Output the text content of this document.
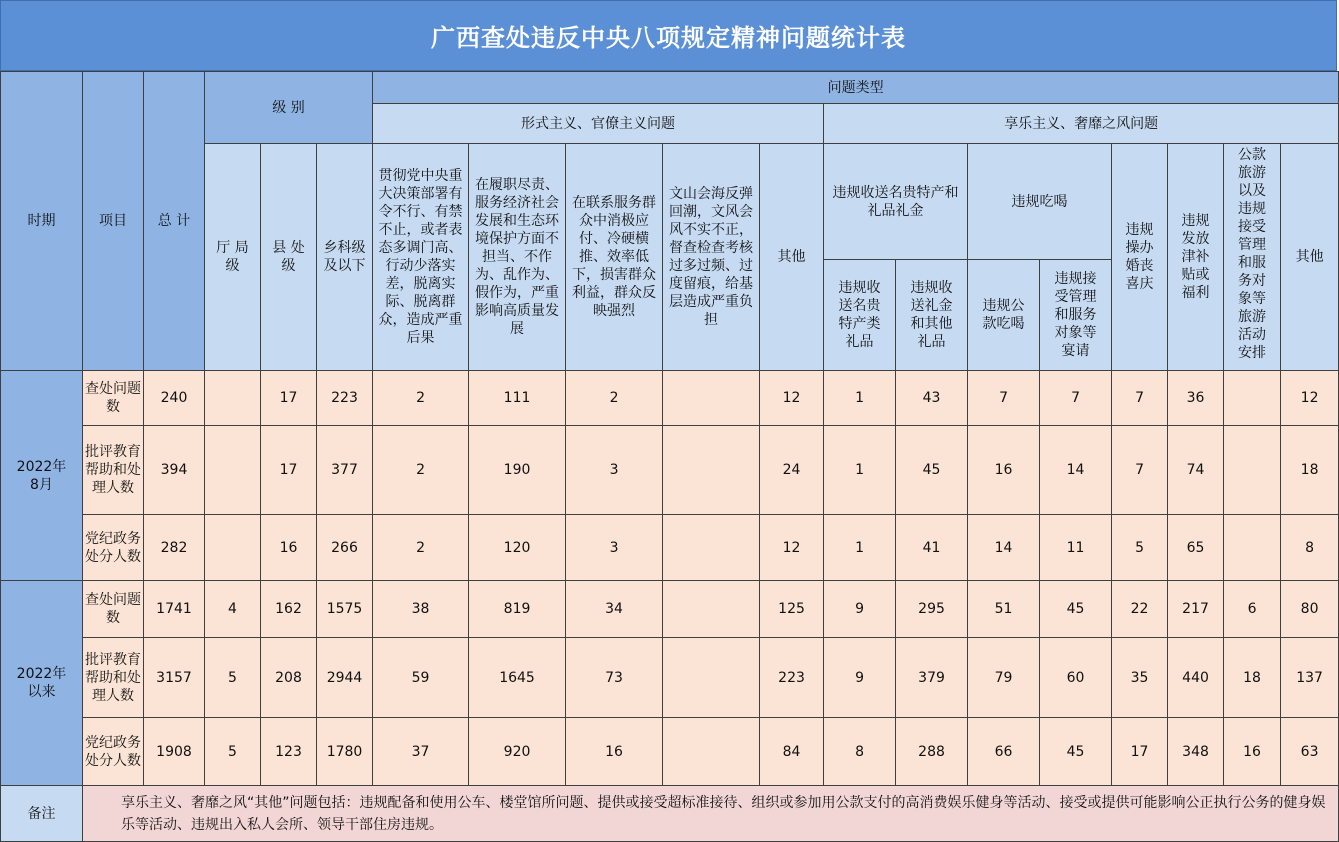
广西查处违反中央八项规定精神问题统计表
时期	项目	总 计	级 别			问题类型												
						形式主义、官僚主义问题					享乐主义、奢靡之风问题							

			厅 局 级	县 处 级	乡科级及以下	贯彻党中央重大决策部署有令不行、有禁不止，或者表态多调门高、行动少落实差，脱离实际、脱离群众，造成严重后果	在履职尽责、服务经济社会发展和生态环境保护方面不担当、不作为、乱作为、假作为，严重影响高质量发展	在联系服务群众中消极应付、冷硬横推、效率低下，损害群众利益，群众反映强烈	文山会海反弹回潮，文风会风不实不正，督查检查考核过多过频、过度留痕，给基层造成严重负担	其他	违规收送名贵特产和礼品礼金		违规吃喝		违规操办婚丧喜庆	违规发放津补贴或福利	公款旅游以及违规接受管理和服务对象等旅游活动安排	其他

											违规收送名贵特产类礼品	违规收送礼金和其他礼品	违规公款吃喝	违规接受管理和服务对象等宴请				

2022年8月	查处问题数	240		17	223	2	111	2		12	1	43	7	7	7	36		12

	批评教育帮助和处理人数	394		17	377	2	190	3		24	1	45	16	14	7	74		18

	党纪政务处分人数	282		16	266	2	120	3		12	1	41	14	11	5	65		8

2022年以来	查处问题数	1741	4	162	1575	38	819	34		125	9	295	51	45	22	217	6	80

	批评教育帮助和处理人数	3157	5	208	2944	59	1645	73		223	9	379	79	60	35	440	18	137

	党纪政务处分人数	1908	5	123	1780	37	920	16		84	8	288	66	45	17	348	16	63
备注	享乐主义、奢靡之风“其他”问题包括：违规配备和使用公车、楼堂馆所问题、提供或接受超标准接待、组织或参加用公款支付的高消费娱乐健身等活动、接受或提供可能影响公正执行公务的健身娱乐等活动、违规出入私人会所、领导干部住房违规。																	
